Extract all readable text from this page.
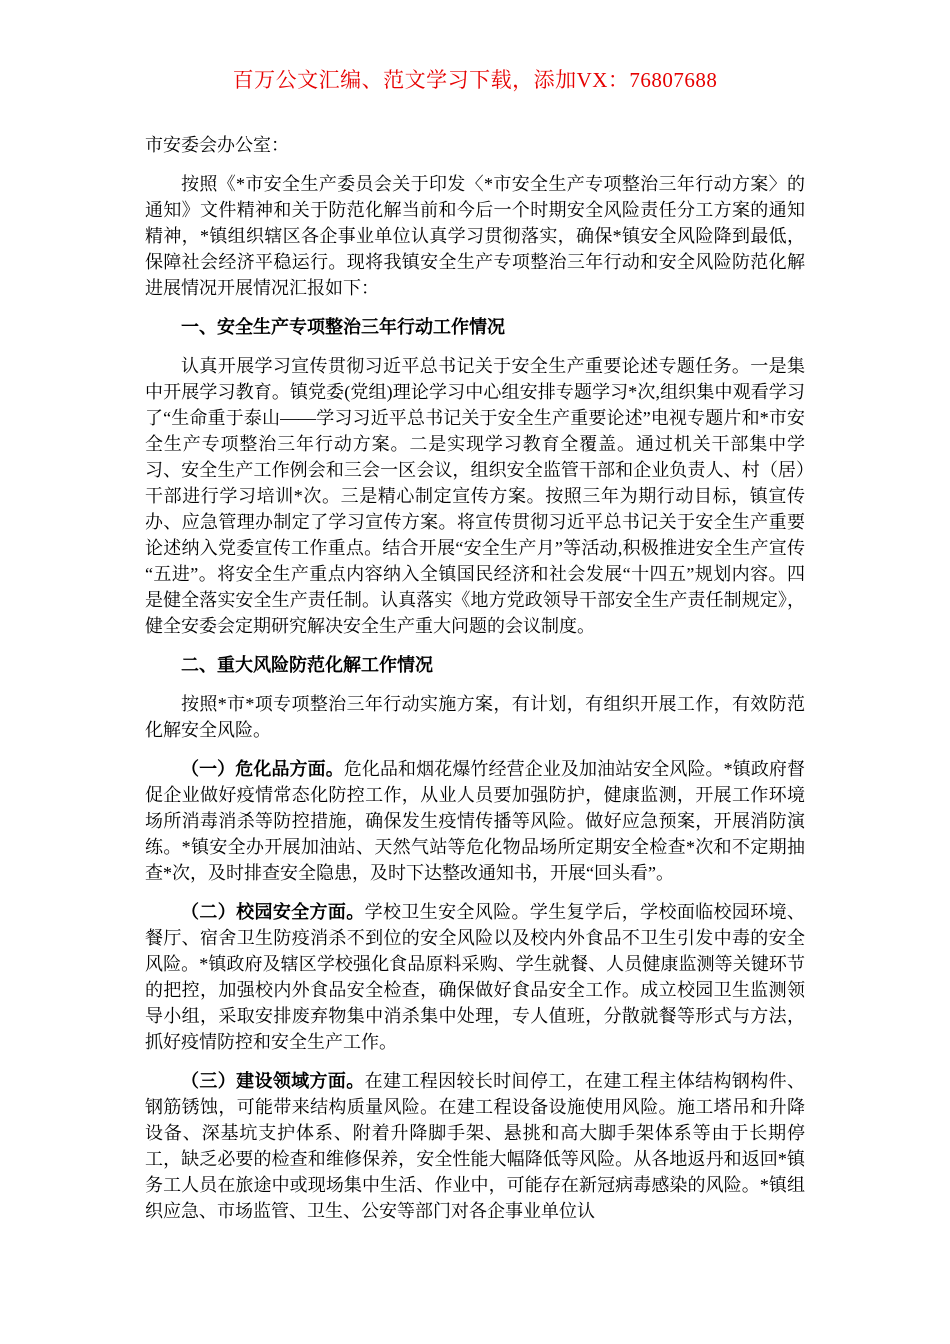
百万公文汇编、范文学习下载，添加VX：76807688

市安委会办公室：

按照《*市安全生产委员会关于印发〈*市安全生产专项整治三年行动方案〉的通知》文件精神和关于防范化解当前和今后一个时期安全风险责任分工方案的通知精神，*镇组织辖区各企事业单位认真学习贯彻落实，确保*镇安全风险降到最低，保障社会经济平稳运行。现将我镇安全生产专项整治三年行动和安全风险防范化解进展情况开展情况汇报如下：

一、安全生产专项整治三年行动工作情况

认真开展学习宣传贯彻习近平总书记关于安全生产重要论述专题任务。一是集中开展学习教育。镇党委(党组)理论学习中心组安排专题学习*次,组织集中观看学习了“生命重于泰山——学习习近平总书记关于安全生产重要论述”电视专题片和*市安全生产专项整治三年行动方案。二是实现学习教育全覆盖。通过机关干部集中学习、安全生产工作例会和三会一区会议，组织安全监管干部和企业负责人、村（居）干部进行学习培训*次。三是精心制定宣传方案。按照三年为期行动目标，镇宣传办、应急管理办制定了学习宣传方案。将宣传贯彻习近平总书记关于安全生产重要论述纳入党委宣传工作重点。结合开展“安全生产月”等活动,积极推进安全生产宣传“五进”。将安全生产重点内容纳入全镇国民经济和社会发展“十四五”规划内容。四是健全落实安全生产责任制。认真落实《地方党政领导干部安全生产责任制规定》，健全安委会定期研究解决安全生产重大问题的会议制度。

二、重大风险防范化解工作情况

按照*市*项专项整治三年行动实施方案，有计划，有组织开展工作，有效防范化解安全风险。

（一）危化品方面。危化品和烟花爆竹经营企业及加油站安全风险。*镇政府督促企业做好疫情常态化防控工作，从业人员要加强防护，健康监测，开展工作环境场所消毒消杀等防控措施，确保发生疫情传播等风险。做好应急预案，开展消防演练。*镇安全办开展加油站、天然气站等危化物品场所定期安全检查*次和不定期抽查*次，及时排查安全隐患，及时下达整改通知书，开展“回头看”。

（二）校园安全方面。学校卫生安全风险。学生复学后，学校面临校园环境、餐厅、宿舍卫生防疫消杀不到位的安全风险以及校内外食品不卫生引发中毒的安全风险。*镇政府及辖区学校强化食品原料采购、学生就餐、人员健康监测等关键环节的把控，加强校内外食品安全检查，确保做好食品安全工作。成立校园卫生监测领导小组，采取安排废弃物集中消杀集中处理，专人值班，分散就餐等形式与方法，抓好疫情防控和安全生产工作。

（三）建设领域方面。在建工程因较长时间停工，在建工程主体结构钢构件、钢筋锈蚀，可能带来结构质量风险。在建工程设备设施使用风险。施工塔吊和升降设备、深基坑支护体系、附着升降脚手架、悬挑和高大脚手架体系等由于长期停工，缺乏必要的检查和维修保养，安全性能大幅降低等风险。从各地返丹和返回*镇务工人员在旅途中或现场集中生活、作业中，可能存在新冠病毒感染的风险。*镇组织应急、市场监管、卫生、公安等部门对各企事业单位认
